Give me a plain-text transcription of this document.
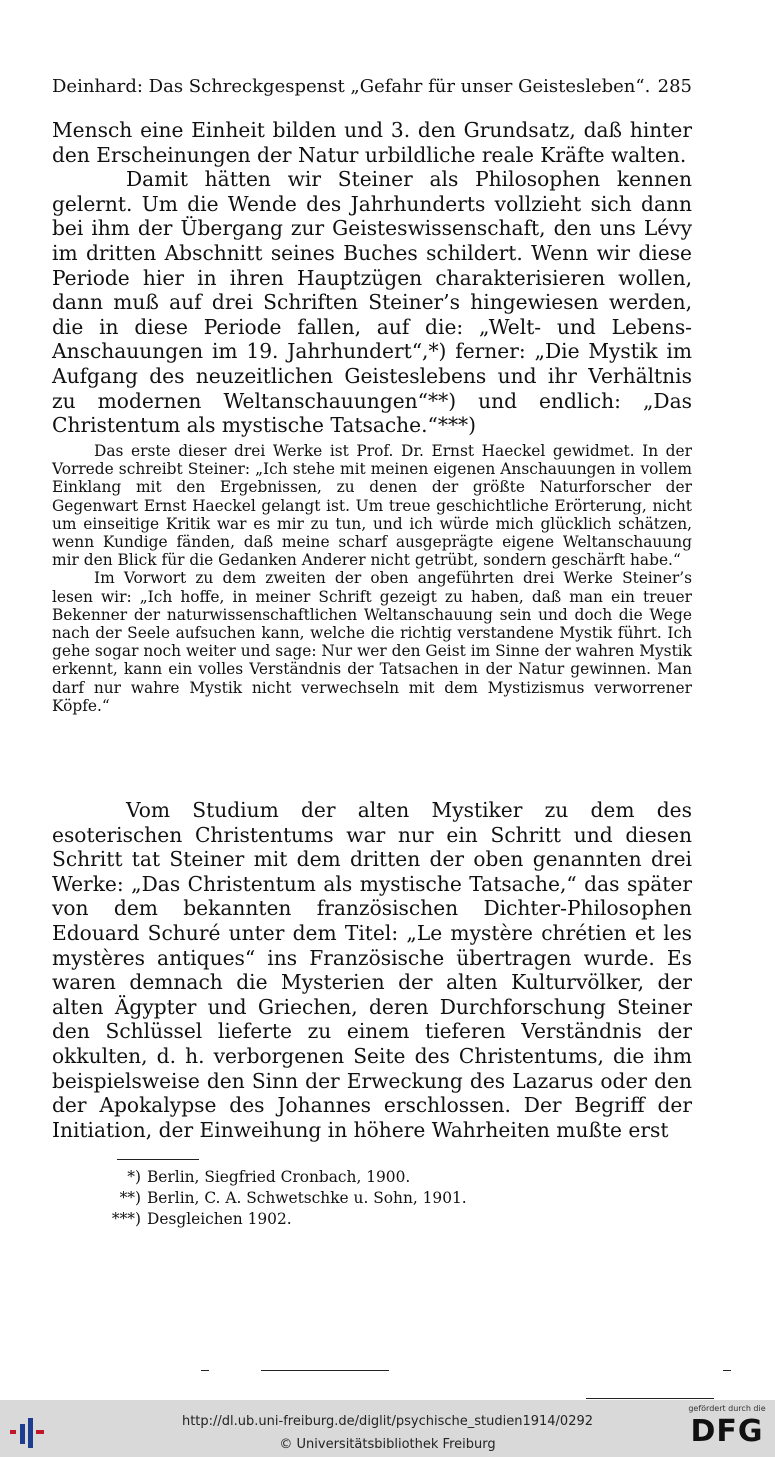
Deinhard: Das Schreckgespenst „Gefahr für unser Geistesleben“. 285

Mensch eine Einheit bilden und 3. den Grundsatz, daß hinter den Erscheinungen der Natur urbildliche reale Kräfte walten.

Damit hätten wir Steiner als Philosophen kennen gelernt. Um die Wende des Jahrhunderts vollzieht sich dann bei ihm der Übergang zur Geisteswissenschaft, den uns Lévy im dritten Abschnitt seines Buches schildert. Wenn wir diese Periode hier in ihren Hauptzügen charakterisieren wollen, dann muß auf drei Schriften Steiner’s hingewiesen werden, die in diese Periode fallen, auf die: „Welt- und Lebens-Anschauungen im 19. Jahrhundert“,*) ferner: „Die Mystik im Aufgang des neuzeitlichen Geisteslebens und ihr Verhältnis zu modernen Weltanschauungen“**) und endlich: „Das Christentum als mystische Tatsache.“***)

Das erste dieser drei Werke ist Prof. Dr. Ernst Haeckel gewidmet. In der Vorrede schreibt Steiner: „Ich stehe mit meinen eigenen Anschauungen in vollem Einklang mit den Ergebnissen, zu denen der größte Naturforscher der Gegenwart Ernst Haeckel gelangt ist. Um treue geschichtliche Erörterung, nicht um einseitige Kritik war es mir zu tun, und ich würde mich glücklich schätzen, wenn Kundige fänden, daß meine scharf ausgeprägte eigene Weltanschauung mir den Blick für die Gedanken Anderer nicht getrübt, sondern geschärft habe.“

Im Vorwort zu dem zweiten der oben angeführten drei Werke Steiner’s lesen wir: „Ich hoffe, in meiner Schrift gezeigt zu haben, daß man ein treuer Bekenner der naturwissenschaftlichen Weltanschauung sein und doch die Wege nach der Seele aufsuchen kann, welche die richtig verstandene Mystik führt. Ich gehe sogar noch weiter und sage: Nur wer den Geist im Sinne der wahren Mystik erkennt, kann ein volles Verständnis der Tatsachen in der Natur gewinnen. Man darf nur wahre Mystik nicht verwechseln mit dem Mystizismus verworrener Köpfe.“

Vom Studium der alten Mystiker zu dem des esoterischen Christentums war nur ein Schritt und diesen Schritt tat Steiner mit dem dritten der oben genannten drei Werke: „Das Christentum als mystische Tatsache,“ das später von dem bekannten französischen Dichter-Philosophen Edouard Schuré unter dem Titel: „Le mystère chrétien et les mystères antiques“ ins Französische übertragen wurde. Es waren demnach die Mysterien der alten Kulturvölker, der alten Ägypter und Griechen, deren Durchforschung Steiner den Schlüssel lieferte zu einem tieferen Verständnis der okkulten, d. h. verborgenen Seite des Christentums, die ihm beispielsweise den Sinn der Erweckung des Lazarus oder den der Apokalypse des Johannes erschlossen. Der Begriff der Initiation, der Einweihung in höhere Wahrheiten mußte erst

*) Berlin, Siegfried Cronbach, 1900.
**) Berlin, C. A. Schwetschke u. Sohn, 1901.
***) Desgleichen 1902.
http://dl.ub.uni-freiburg.de/diglit/psychische_studien1914/0292
© Universitätsbibliothek Freiburg
gefördert durch die
DFG
